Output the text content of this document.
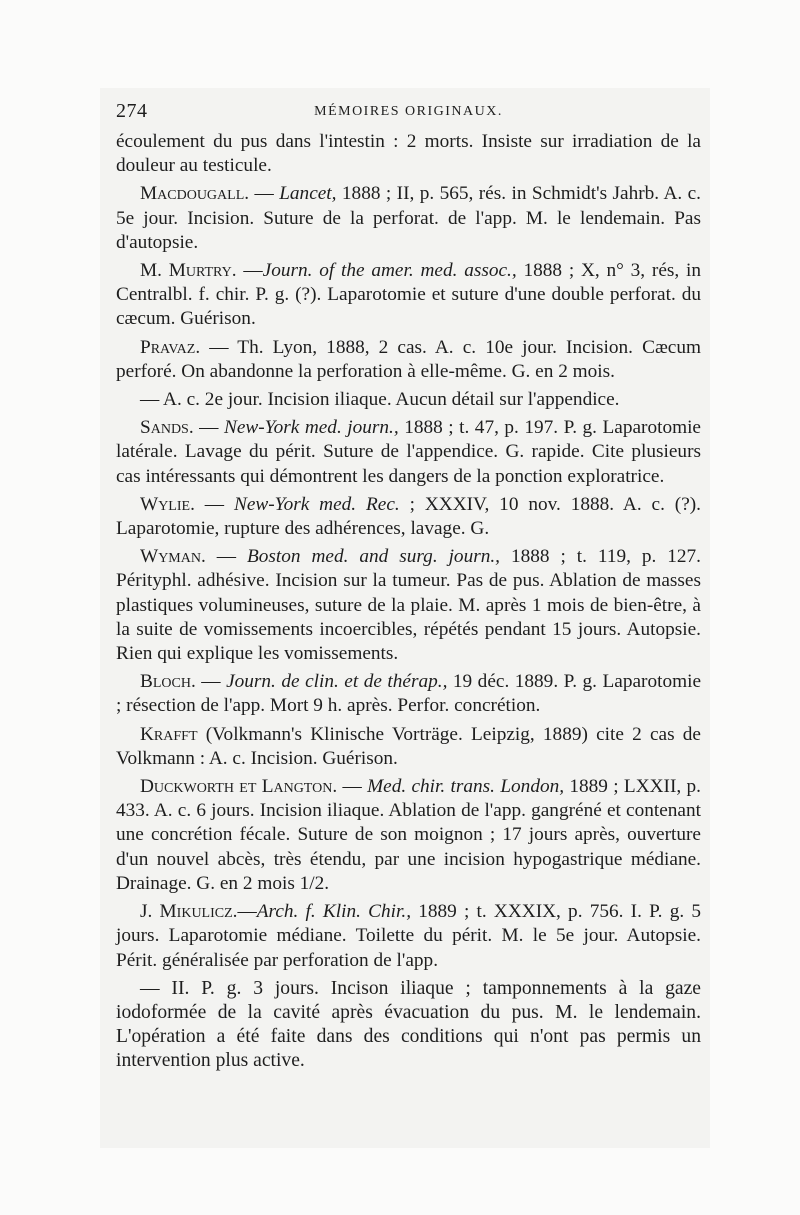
274	MÉMOIRES ORIGINAUX.

écoulement du pus dans l'intestin : 2 morts. Insiste sur irradiation de la douleur au testicule.

Macdougall. — Lancet, 1888 ; II, p. 565, rés. in Schmidt's Jahrb. A. c. 5e jour. Incision. Suture de la perforat. de l'app. M. le lendemain. Pas d'autopsie.

M. Murtry. —Journ. of the amer. med. assoc., 1888 ; X, n° 3, rés, in Centralbl. f. chir. P. g. (?). Laparotomie et suture d'une double perforat. du cæcum. Guérison.

Pravaz. — Th. Lyon, 1888, 2 cas. A. c. 10e jour. Incision. Cæcum perforé. On abandonne la perforation à elle-même. G. en 2 mois.

— A. c. 2e jour. Incision iliaque. Aucun détail sur l'appendice.

Sands. — New-York med. journ., 1888 ; t. 47, p. 197. P. g. Laparotomie latérale. Lavage du périt. Suture de l'appendice. G. rapide. Cite plusieurs cas intéressants qui démontrent les dangers de la ponction exploratrice.

Wylie. — New-York med. Rec. ; XXXIV, 10 nov. 1888. A. c. (?). Laparotomie, rupture des adhérences, lavage. G.

Wyman. — Boston med. and surg. journ., 1888 ; t. 119, p. 127. Pérityphl. adhésive. Incision sur la tumeur. Pas de pus. Ablation de masses plastiques volumineuses, suture de la plaie. M. après 1 mois de bien-être, à la suite de vomissements incoercibles, répétés pendant 15 jours. Autopsie. Rien qui explique les vomissements.

Bloch. — Journ. de clin. et de thérap., 19 déc. 1889. P. g. Laparotomie ; résection de l'app. Mort 9 h. après. Perfor. concrétion.

Krafft (Volkmann's Klinische Vorträge. Leipzig, 1889) cite 2 cas de Volkmann : A. c. Incision. Guérison.

Duckworth et Langton. — Med. chir. trans. London, 1889 ; LXXII, p. 433. A. c. 6 jours. Incision iliaque. Ablation de l'app. gangréné et contenant une concrétion fécale. Suture de son moignon ; 17 jours après, ouverture d'un nouvel abcès, très étendu, par une incision hypogastrique médiane. Drainage. G. en 2 mois 1/2.

J. Mikulicz.—Arch. f. Klin. Chir., 1889 ; t. XXXIX, p. 756. I. P. g. 5 jours. Laparotomie médiane. Toilette du périt. M. le 5e jour. Autopsie. Périt. généralisée par perforation de l'app.

— II. P. g. 3 jours. Incison iliaque ; tamponnements à la gaze iodoformée de la cavité après évacuation du pus. M. le lendemain. L'opération a été faite dans des conditions qui n'ont pas permis un intervention plus active.
